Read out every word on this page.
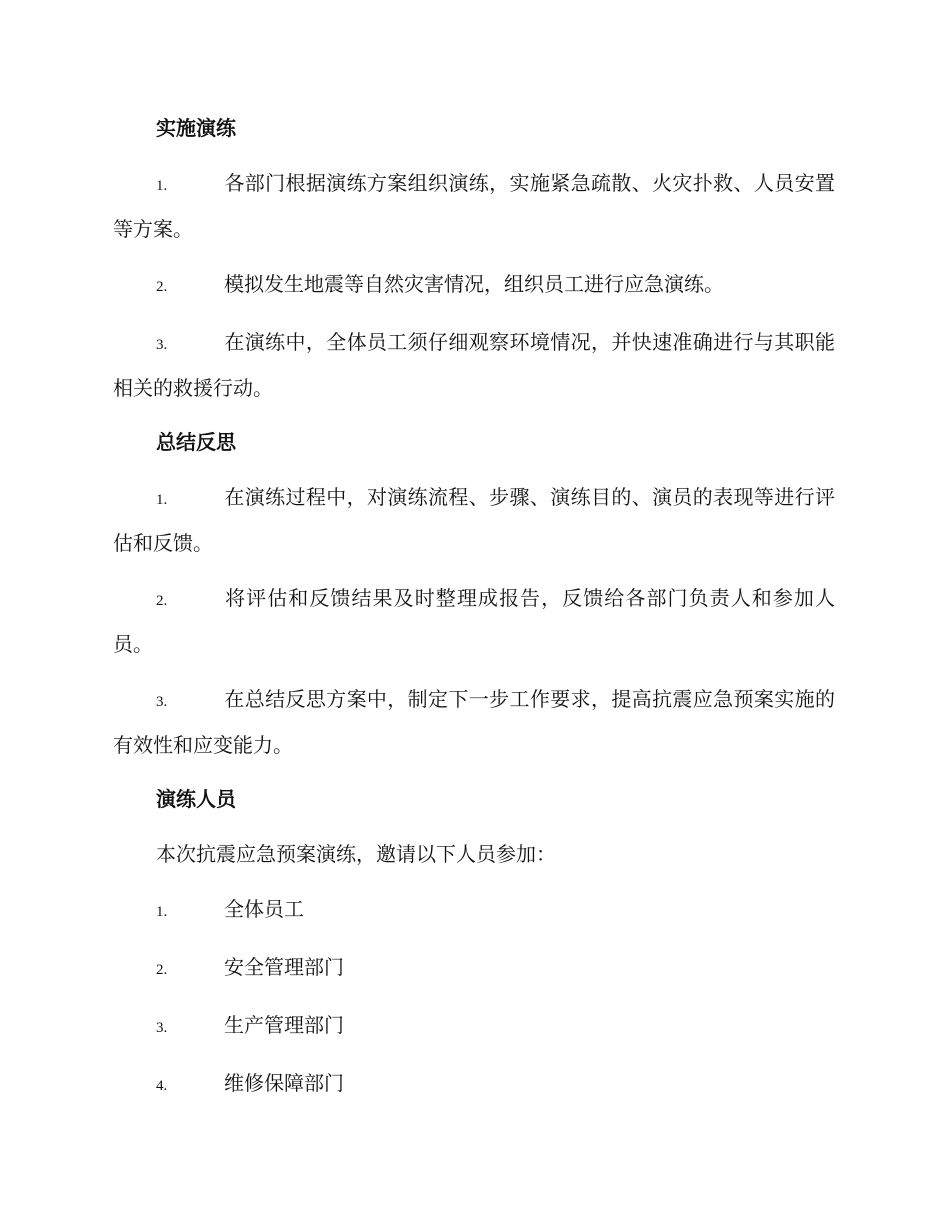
实施演练
1.	各部门根据演练方案组织演练，实施紧急疏散、火灾扑救、人员安置等方案。
2.	模拟发生地震等自然灾害情况，组织员工进行应急演练。
3.	在演练中，全体员工须仔细观察环境情况，并快速准确进行与其职能相关的救援行动。
总结反思
1.	在演练过程中，对演练流程、步骤、演练目的、演员的表现等进行评估和反馈。
2.	将评估和反馈结果及时整理成报告，反馈给各部门负责人和参加人员。
3.	在总结反思方案中，制定下一步工作要求，提高抗震应急预案实施的有效性和应变能力。
演练人员
本次抗震应急预案演练，邀请以下人员参加：
1.	全体员工
2.	安全管理部门
3.	生产管理部门
4.	维修保障部门
